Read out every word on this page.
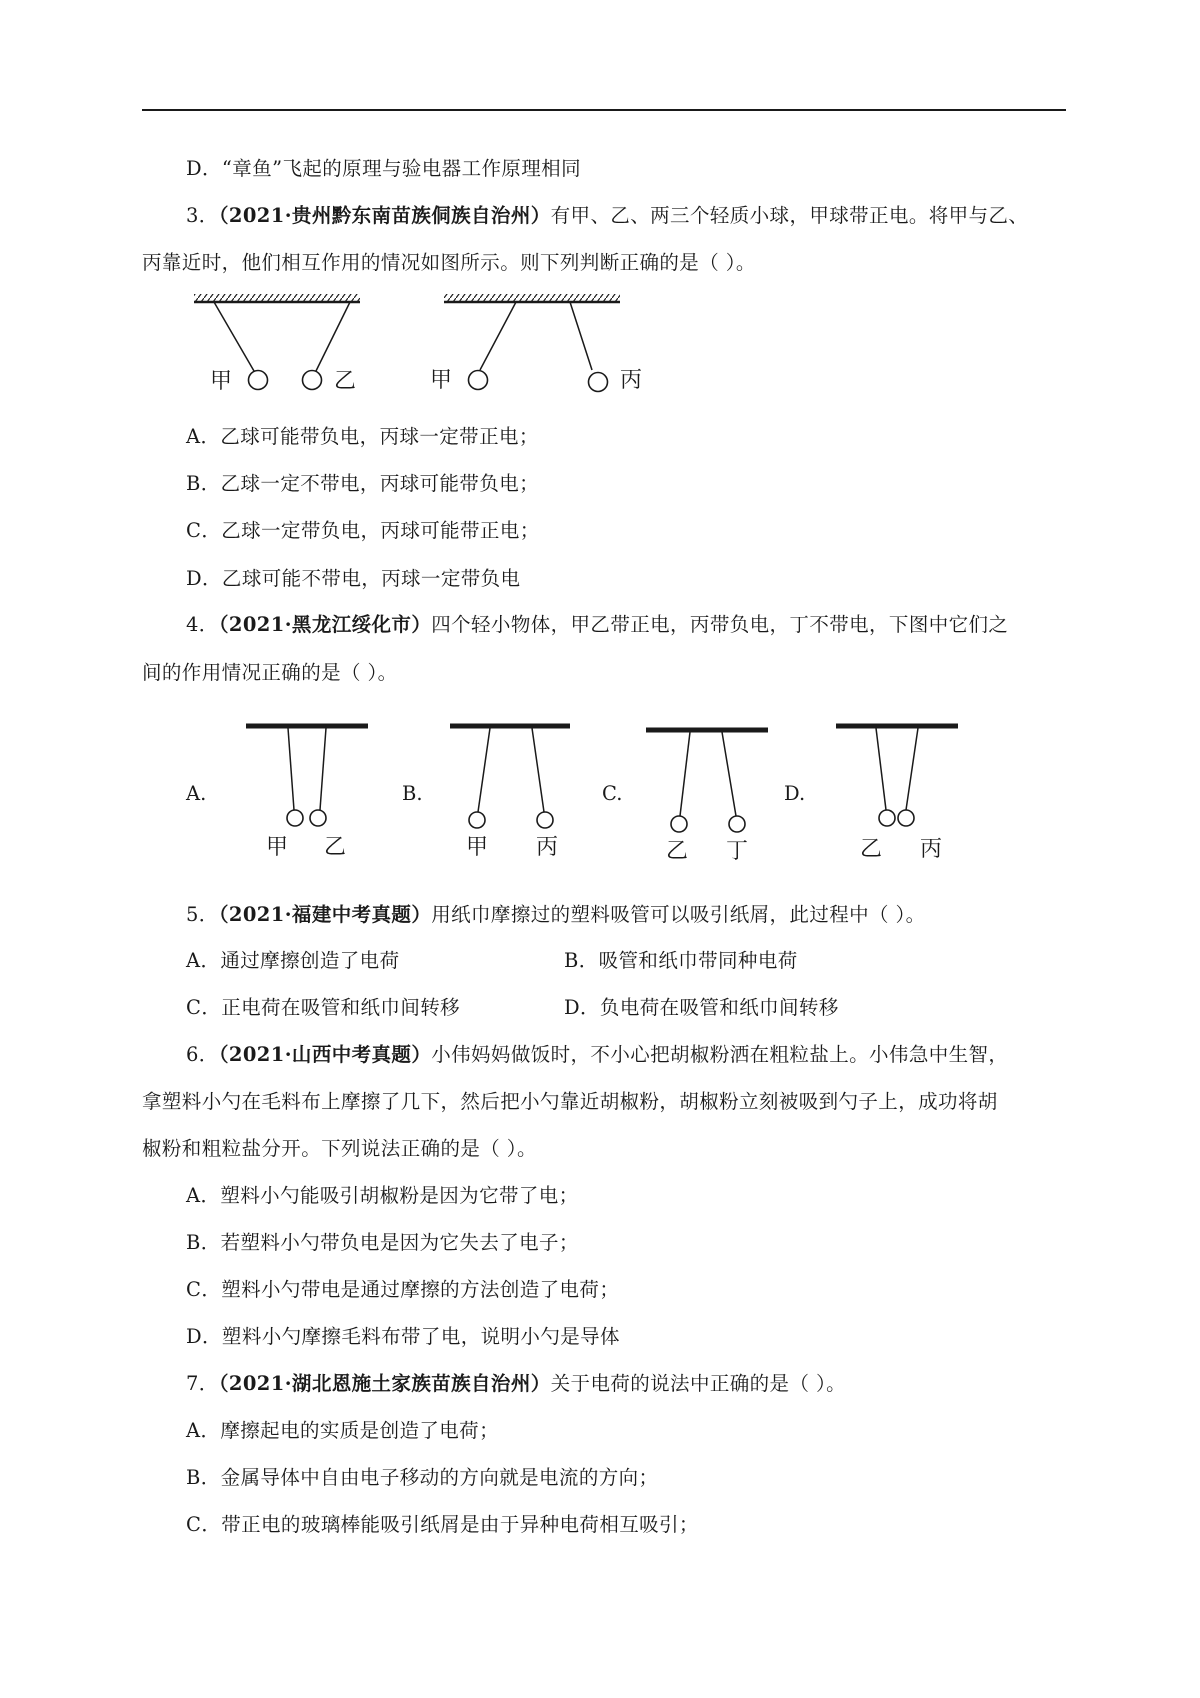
D．“章鱼”飞起的原理与验电器工作原理相同
3．（2021·贵州黔东南苗族侗族自治州）有甲、乙、两三个轻质小球，甲球带正电。将甲与乙、
丙靠近时，他们相互作用的情况如图所示。则下列判断正确的是（ ）。
甲	乙	甲	丙
A．乙球可能带负电，丙球一定带正电；
B．乙球一定不带电，丙球可能带负电；
C．乙球一定带负电，丙球可能带正电；
D．乙球可能不带电，丙球一定带负电
4．（2021·黑龙江绥化市）四个轻小物体，甲乙带正电，丙带负电，丁不带电，下图中它们之
间的作用情况正确的是（ ）。
A.	B.	C.	D.
甲 乙	甲 丙	乙 丁	乙 丙
5．（2021·福建中考真题）用纸巾摩擦过的塑料吸管可以吸引纸屑，此过程中（ ）。
A．通过摩擦创造了电荷	B．吸管和纸巾带同种电荷
C．正电荷在吸管和纸巾间转移	D．负电荷在吸管和纸巾间转移
6．（2021·山西中考真题）小伟妈妈做饭时，不小心把胡椒粉洒在粗粒盐上。小伟急中生智，
拿塑料小勺在毛料布上摩擦了几下，然后把小勺靠近胡椒粉，胡椒粉立刻被吸到勺子上，成功将胡
椒粉和粗粒盐分开。下列说法正确的是（ ）。
A．塑料小勺能吸引胡椒粉是因为它带了电；
B．若塑料小勺带负电是因为它失去了电子；
C．塑料小勺带电是通过摩擦的方法创造了电荷；
D．塑料小勺摩擦毛料布带了电，说明小勺是导体
7．（2021·湖北恩施土家族苗族自治州）关于电荷的说法中正确的是（ ）。
A．摩擦起电的实质是创造了电荷；
B．金属导体中自由电子移动的方向就是电流的方向；
C．带正电的玻璃棒能吸引纸屑是由于异种电荷相互吸引；
